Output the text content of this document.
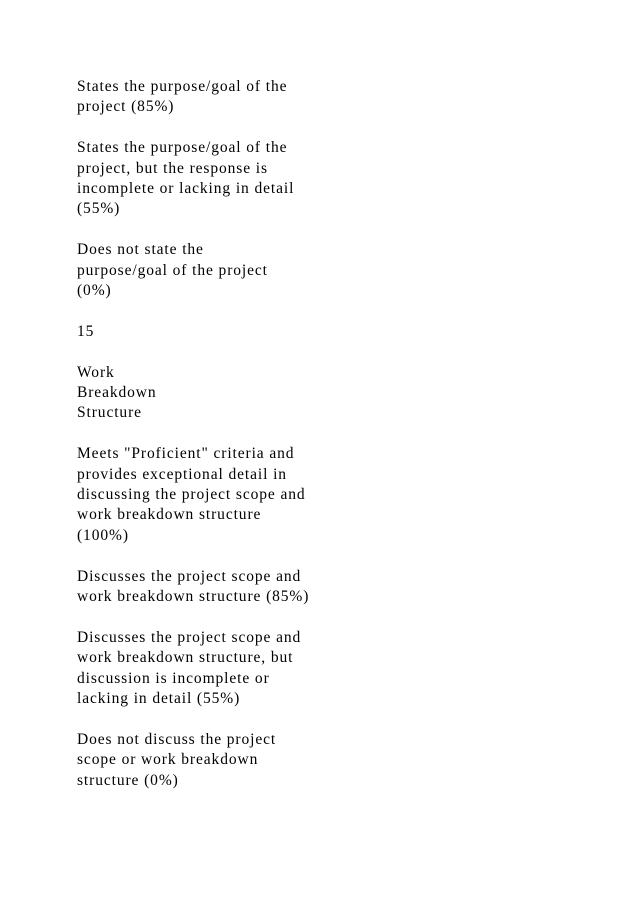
States the purpose/goal of the
project (85%)

States the purpose/goal of the
project, but the response is
incomplete or lacking in detail
(55%)

Does not state the
purpose/goal of the project
(0%)

15

Work
Breakdown
Structure

Meets "Proficient" criteria and
provides exceptional detail in
discussing the project scope and
work breakdown structure
(100%)

Discusses the project scope and
work breakdown structure (85%)

Discusses the project scope and
work breakdown structure, but
discussion is incomplete or
lacking in detail (55%)

Does not discuss the project
scope or work breakdown
structure (0%)
